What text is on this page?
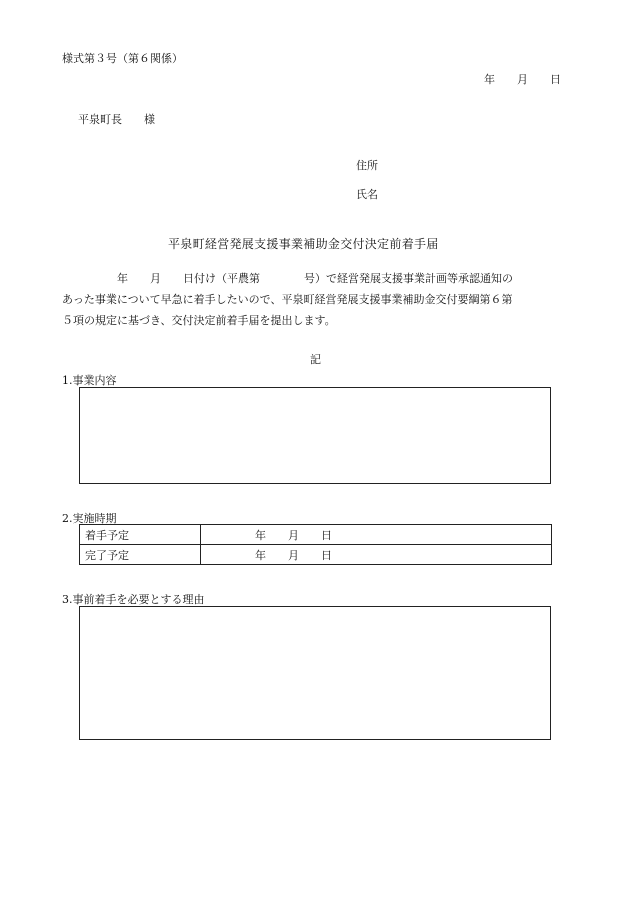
様式第３号（第６関係）
年 月 日
平泉町長　　様
住所
氏名
平泉町経営発展支援事業補助金交付決定前着手届
　　　　　年　　月　　日付け（平農第　　　　号）で経営発展支援事業計画等承認通知の
あった事業について早急に着手したいので、平泉町経営発展支援事業補助金交付要綱第６第
５項の規定に基づき、交付決定前着手届を提出します。
記
1.事業内容
2.実施時期
着手予定	年 月 日
完了予定	年 月 日
3.事前着手を必要とする理由
